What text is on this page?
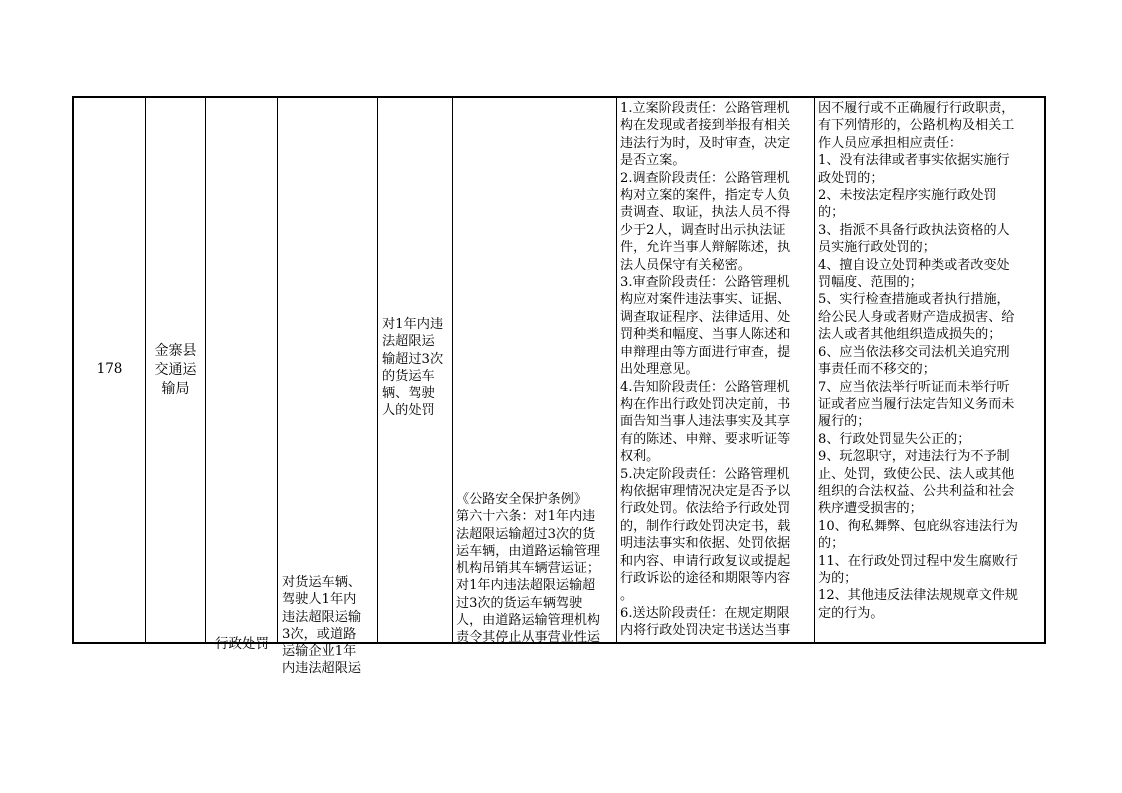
178
金寨县
交通运
输局
行政处罚
对货运车辆、
驾驶人1年内
违法超限运输
3次，或道路
运输企业1年
内违法超限运
对1年内违
法超限运
输超过3次
的货运车
辆、驾驶
人的处罚
《公路安全保护条例》
第六十六条：对1年内违
法超限运输超过3次的货
运车辆，由道路运输管理
机构吊销其车辆营运证；
对1年内违法超限运输超
过3次的货运车辆驾驶
人，由道路运输管理机构
责令其停止从事营业性运
1.立案阶段责任：公路管理机
构在发现或者接到举报有相关
违法行为时，及时审查，决定
是否立案。
2.调查阶段责任：公路管理机
构对立案的案件，指定专人负
责调查、取证，执法人员不得
少于2人，调查时出示执法证
件，允许当事人辩解陈述，执
法人员保守有关秘密。
3.审查阶段责任：公路管理机
构应对案件违法事实、证据、
调查取证程序、法律适用、处
罚种类和幅度、当事人陈述和
申辩理由等方面进行审查，提
出处理意见。
4.告知阶段责任：公路管理机
构在作出行政处罚决定前，书
面告知当事人违法事实及其享
有的陈述、申辩、要求听证等
权利。
5.决定阶段责任：公路管理机
构依据审理情况决定是否予以
行政处罚。依法给予行政处罚
的，制作行政处罚决定书，载
明违法事实和依据、处罚依据
和内容、申请行政复议或提起
行政诉讼的途径和期限等内容
。
6.送达阶段责任：在规定期限
内将行政处罚决定书送达当事
因不履行或不正确履行行政职责，
有下列情形的，公路机构及相关工
作人员应承担相应责任：
1、没有法律或者事实依据实施行
政处罚的；
2、未按法定程序实施行政处罚
的；
3、指派不具备行政执法资格的人
员实施行政处罚的；
4、擅自设立处罚种类或者改变处
罚幅度、范围的；
5、实行检查措施或者执行措施，
给公民人身或者财产造成损害、给
法人或者其他组织造成损失的；
6、应当依法移交司法机关追究刑
事责任而不移交的；
7、应当依法举行听证而未举行听
证或者应当履行法定告知义务而未
履行的；
8、行政处罚显失公正的；
9、玩忽职守，对违法行为不予制
止、处罚，致使公民、法人或其他
组织的合法权益、公共利益和社会
秩序遭受损害的；
10、徇私舞弊、包庇纵容违法行为
的；
11、在行政处罚过程中发生腐败行
为的；
12、其他违反法律法规规章文件规
定的行为。
